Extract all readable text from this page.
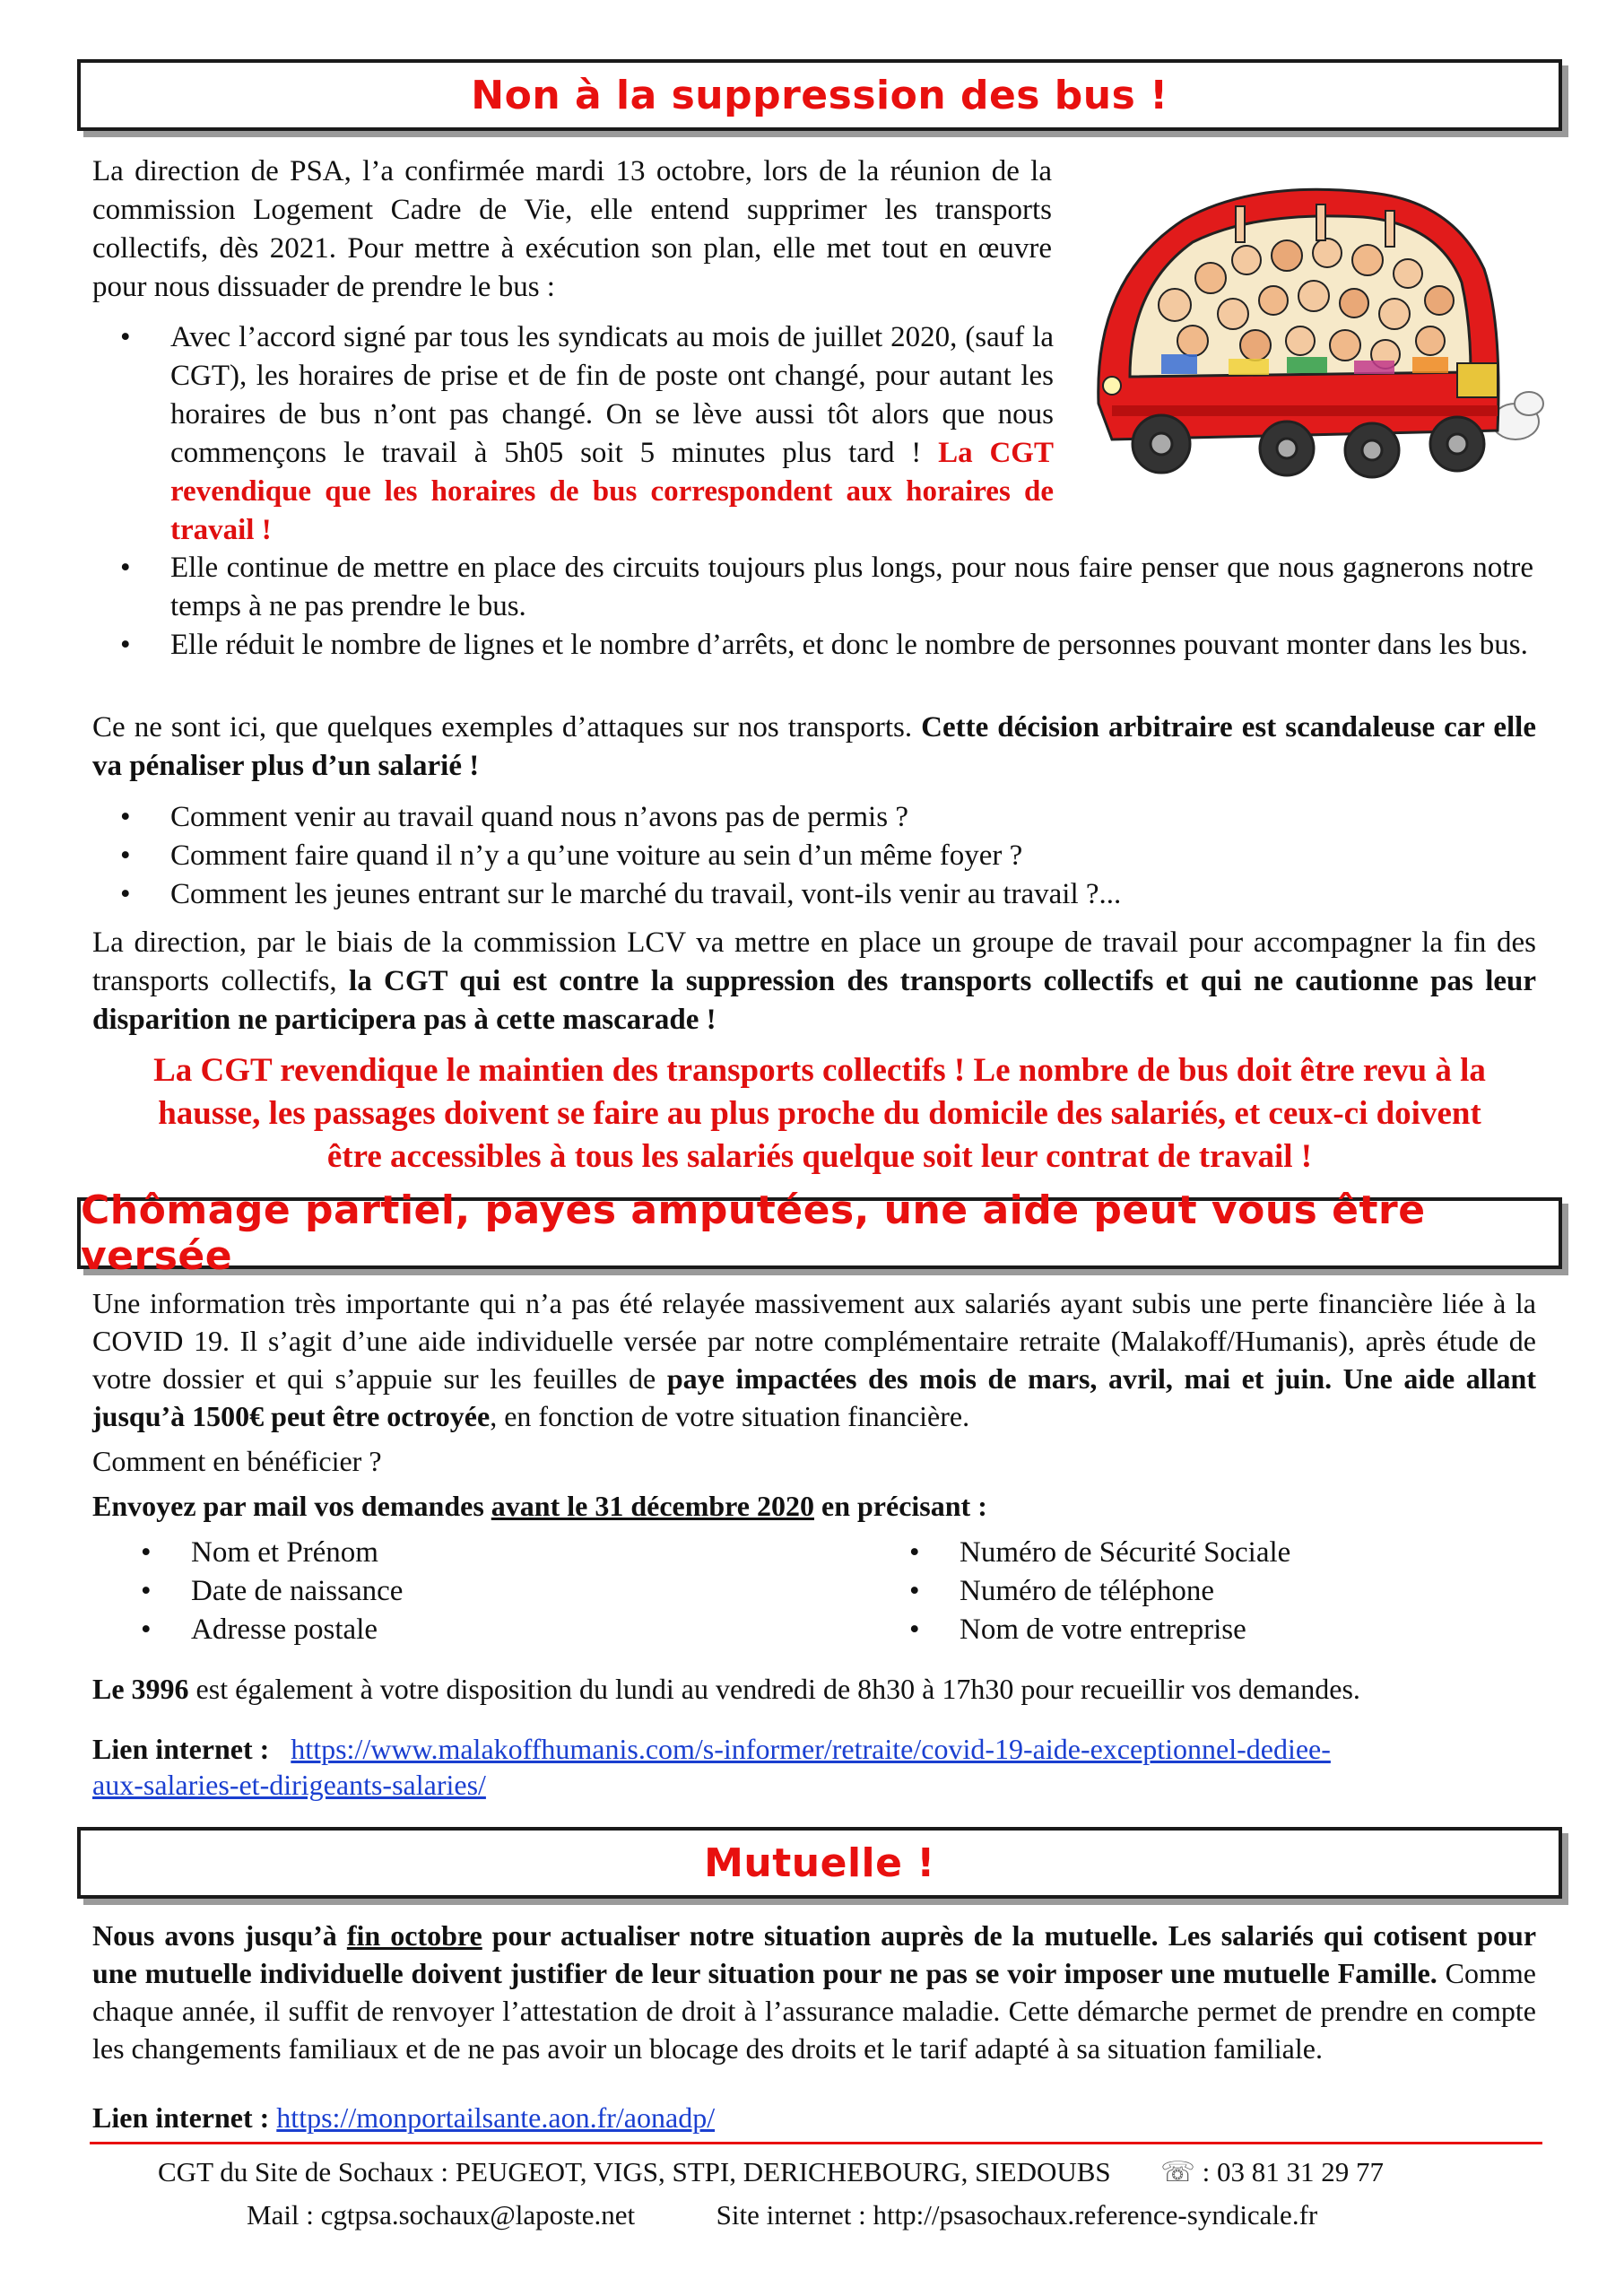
Non à la suppression des bus !
La direction de PSA, l’a confirmée mardi 13 octobre, lors de la réunion de la commission Logement Cadre de Vie, elle entend supprimer les transports collectifs, dès 2021. Pour mettre à exécution son plan, elle met tout en œuvre pour nous dissuader de prendre le bus :
• Avec l’accord signé par tous les syndicats au mois de juillet 2020, (sauf la CGT), les horaires de prise et de fin de poste ont changé, pour autant les horaires de bus n’ont pas changé. On se lève aussi tôt alors que nous commençons le travail à 5h05 soit 5 minutes plus tard ! La CGT revendique que les horaires de bus correspondent aux horaires de travail !
• Elle continue de mettre en place des circuits toujours plus longs, pour nous faire penser que nous gagnerons notre temps à ne pas prendre le bus.
• Elle réduit le nombre de lignes et le nombre d’arrêts, et donc le nombre de personnes pouvant monter dans les bus.
Ce ne sont ici, que quelques exemples d’attaques sur nos transports. Cette décision arbitraire est scandaleuse car elle va pénaliser plus d’un salarié !
• Comment venir au travail quand nous n’avons pas de permis ?
• Comment faire quand il n’y a qu’une voiture au sein d’un même foyer ?
• Comment les jeunes entrant sur le marché du travail, vont-ils venir au travail ?...
La direction, par le biais de la commission LCV va mettre en place un groupe de travail pour accompagner la fin des transports collectifs, la CGT qui est contre la suppression des transports collectifs et qui ne cautionne pas leur disparition ne participera pas à cette mascarade !
La CGT revendique le maintien des transports collectifs ! Le nombre de bus doit être revu à la
hausse, les passages doivent se faire au plus proche du domicile des salariés, et ceux-ci doivent
être accessibles à tous les salariés quelque soit leur contrat de travail !
Chômage partiel, payes amputées, une aide peut vous être versée
Une information très importante qui n’a pas été relayée massivement aux salariés ayant subis une perte financière liée à la COVID 19. Il s’agit d’une aide individuelle versée par notre complémentaire retraite (Malakoff/Humanis), après étude de votre dossier et qui s’appuie sur les feuilles de paye impactées des mois de mars, avril, mai et juin. Une aide allant jusqu’à 1500€ peut être octroyée, en fonction de votre situation financière.
Comment en bénéficier ?
Envoyez par mail vos demandes avant le 31 décembre 2020 en précisant :
• Nom et Prénom
• Date de naissance
• Adresse postale
• Numéro de Sécurité Sociale
• Numéro de téléphone
• Nom de votre entreprise
Le 3996 est également à votre disposition du lundi au vendredi de 8h30 à 17h30 pour recueillir vos demandes.
Lien internet : https://www.malakoffhumanis.com/s-informer/retraite/covid-19-aide-exceptionnel-dediee-
aux-salaries-et-dirigeants-salaries/
Mutuelle !
Nous avons jusqu’à fin octobre pour actualiser notre situation auprès de la mutuelle. Les salariés qui cotisent pour une mutuelle individuelle doivent justifier de leur situation pour ne pas se voir imposer une mutuelle Famille. Comme chaque année, il suffit de renvoyer l’attestation de droit à l’assurance maladie. Cette démarche permet de prendre en compte les changements familiaux et de ne pas avoir un blocage des droits et le tarif adapté à sa situation familiale.
Lien internet : https://monportailsante.aon.fr/aonadp/
CGT du Site de Sochaux : PEUGEOT, VIGS, STPI, DERICHEBOURG, SIEDOUBS ☏ : 03 81 31 29 77
Mail : cgtpsa.sochaux@laposte.net	Site internet : http://psasochaux.reference-syndicale.fr
